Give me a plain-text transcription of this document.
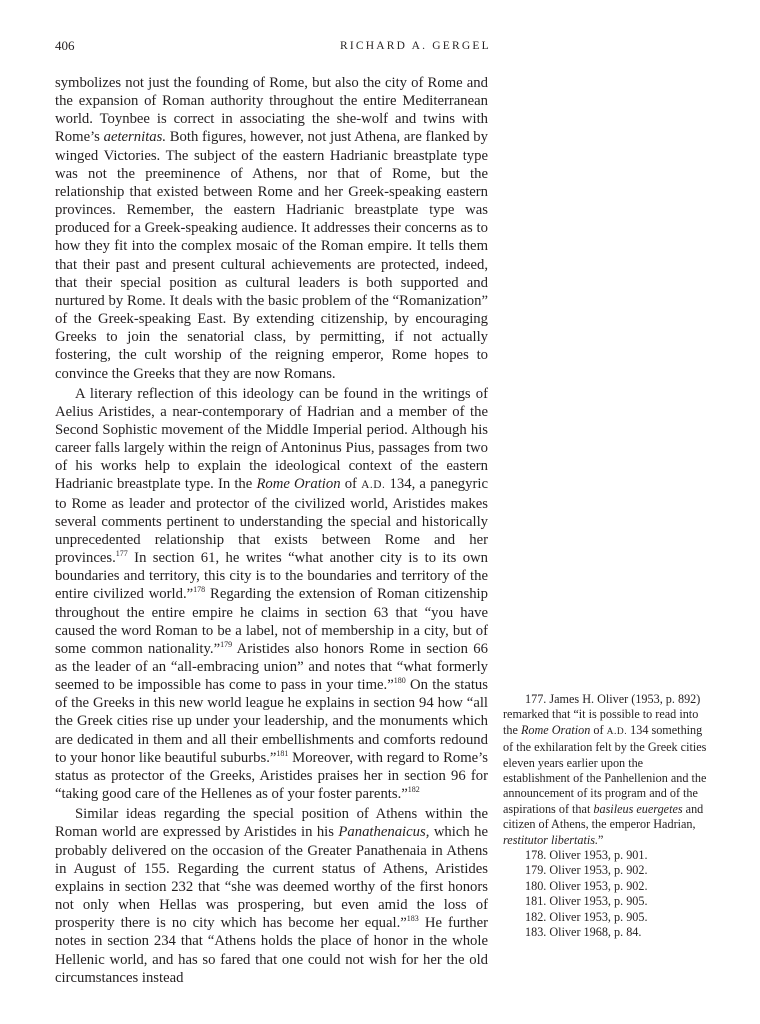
406	RICHARD A. GERGEL

symbolizes not just the founding of Rome, but also the city of Rome and the expansion of Roman authority throughout the entire Mediterranean world. Toynbee is correct in associating the she-wolf and twins with Rome’s aeternitas. Both figures, however, not just Athena, are flanked by winged Victories. The subject of the eastern Hadrianic breastplate type was not the preeminence of Athens, nor that of Rome, but the relationship that existed between Rome and her Greek-speaking eastern provinces. Remember, the eastern Hadrianic breastplate type was produced for a Greek-speaking audience. It addresses their concerns as to how they fit into the complex mosaic of the Roman empire. It tells them that their past and present cultural achievements are protected, indeed, that their special position as cultural leaders is both supported and nurtured by Rome. It deals with the basic problem of the “Romanization” of the Greek-speaking East. By extending citizenship, by encouraging Greeks to join the senatorial class, by permitting, if not actually fostering, the cult worship of the reigning emperor, Rome hopes to convince the Greeks that they are now Romans.

A literary reflection of this ideology can be found in the writings of Aelius Aristides, a near-contemporary of Hadrian and a member of the Second Sophistic movement of the Middle Imperial period. Although his career falls largely within the reign of Antoninus Pius, passages from two of his works help to explain the ideological context of the eastern Hadrianic breastplate type. In the Rome Oration of A.D. 134, a panegyric to Rome as leader and protector of the civilized world, Aristides makes several comments pertinent to understanding the special and historically unprecedented relationship that exists between Rome and her provinces.$^{177}$ In section 61, he writes “what another city is to its own boundaries and territory, this city is to the boundaries and territory of the entire civilized world.”$^{178}$ Regarding the extension of Roman citizenship throughout the entire empire he claims in section 63 that “you have caused the word Roman to be a label, not of membership in a city, but of some common nationality.”$^{179}$ Aristides also honors Rome in section 66 as the leader of an “all-embracing union” and notes that “what formerly seemed to be impossible has come to pass in your time.”$^{180}$ On the status of the Greeks in this new world league he explains in section 94 how “all the Greek cities rise up under your leadership, and the monuments which are dedicated in them and all their embellishments and comforts redound to your honor like beautiful suburbs.”$^{181}$ Moreover, with regard to Rome’s status as protector of the Greeks, Aristides praises her in section 96 for “taking good care of the Hellenes as of your foster parents.”$^{182}$

Similar ideas regarding the special position of Athens within the Roman world are expressed by Aristides in his Panathenaicus, which he probably delivered on the occasion of the Greater Panathenaia in Athens in August of 155. Regarding the current status of Athens, Aristides explains in section 232 that “she was deemed worthy of the first honors not only when Hellas was prospering, but even amid the loss of prosperity there is no city which has become her equal.”$^{183}$ He further notes in section 234 that “Athens holds the place of honor in the whole Hellenic world, and has so fared that one could not wish for her the old circumstances instead

177. James H. Oliver (1953, p. 892) remarked that “it is possible to read into the Rome Oration of A.D. 134 something of the exhilaration felt by the Greek cities eleven years earlier upon the establishment of the Panhellenion and the announcement of its program and of the aspirations of that basileus euergetes and citizen of Athens, the emperor Hadrian, restitutor libertatis.”

178. Oliver 1953, p. 901.

179. Oliver 1953, p. 902.

180. Oliver 1953, p. 902.

181. Oliver 1953, p. 905.

182. Oliver 1953, p. 905.

183. Oliver 1968, p. 84.
